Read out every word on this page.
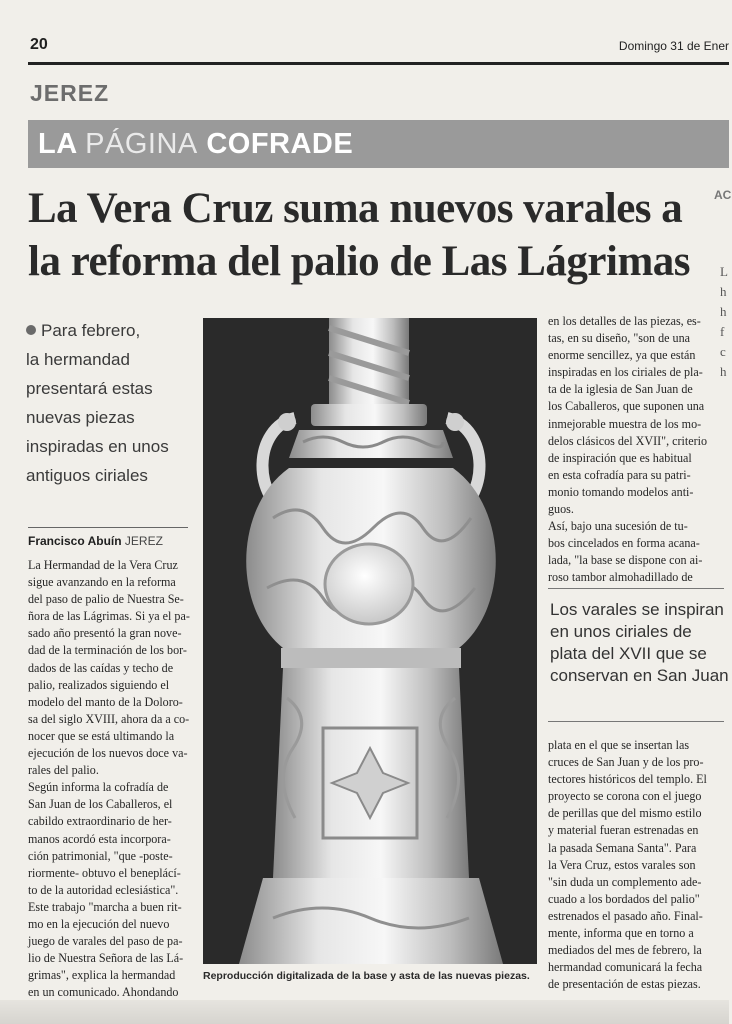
20	Domingo 31 de Ener
JEREZ
LA PÁGINA COFRADE
La Vera Cruz suma nuevos varales a
la reforma del palio de Las Lágrimas
AC
L
h
h
f
c
h
Para febrero,
la hermandad
presentará estas
nuevas piezas
inspiradas en unos
antiguos ciriales
Francisco Abuín JEREZ
La Hermandad de la Vera Cruz
sigue avanzando en la reforma
del paso de palio de Nuestra Se-
ñora de las Lágrimas. Si ya el pa-
sado año presentó la gran nove-
dad de la terminación de los bor-
dados de las caídas y techo de
palio, realizados siguiendo el
modelo del manto de la Doloro-
sa del siglo XVIII, ahora da a co-
nocer que se está ultimando la
ejecución de los nuevos doce va-
rales del palio.
Según informa la cofradía de
San Juan de los Caballeros, el
cabildo extraordinario de her-
manos acordó esta incorpora-
ción patrimonial, "que -poste-
riormente- obtuvo el beneplácí-
to de la autoridad eclesiástica".
Este trabajo "marcha a buen rit-
mo en la ejecución del nuevo
juego de varales del paso de pa-
lio de Nuestra Señora de las Lá-
grimas", explica la hermandad
en un comunicado. Ahondando
Reproducción digitalizada de la base y asta de las nuevas piezas.
en los detalles de las piezas, es-
tas, en su diseño, "son de una
enorme sencillez, ya que están
inspiradas en los ciriales de pla-
ta de la iglesia de San Juan de
los Caballeros, que suponen una
inmejorable muestra de los mo-
delos clásicos del XVII", criterio
de inspiración que es habitual
en esta cofradía para su patri-
monio tomando modelos anti-
guos.
Así, bajo una sucesión de tu-
bos cincelados en forma acana-
lada, "la base se dispone con ai-
roso tambor almohadillado de
Los varales se inspiran
en unos ciriales de
plata del XVII que se
conservan en San Juan
plata en el que se insertan las
cruces de San Juan y de los pro-
tectores históricos del templo. El
proyecto se corona con el juego
de perillas que del mismo estilo
y material fueran estrenadas en
la pasada Semana Santa". Para
la Vera Cruz, estos varales son
"sin duda un complemento ade-
cuado a los bordados del palio"
estrenados el pasado año. Final-
mente, informa que en torno a
mediados del mes de febrero, la
hermandad comunicará la fecha
de presentación de estas piezas.
